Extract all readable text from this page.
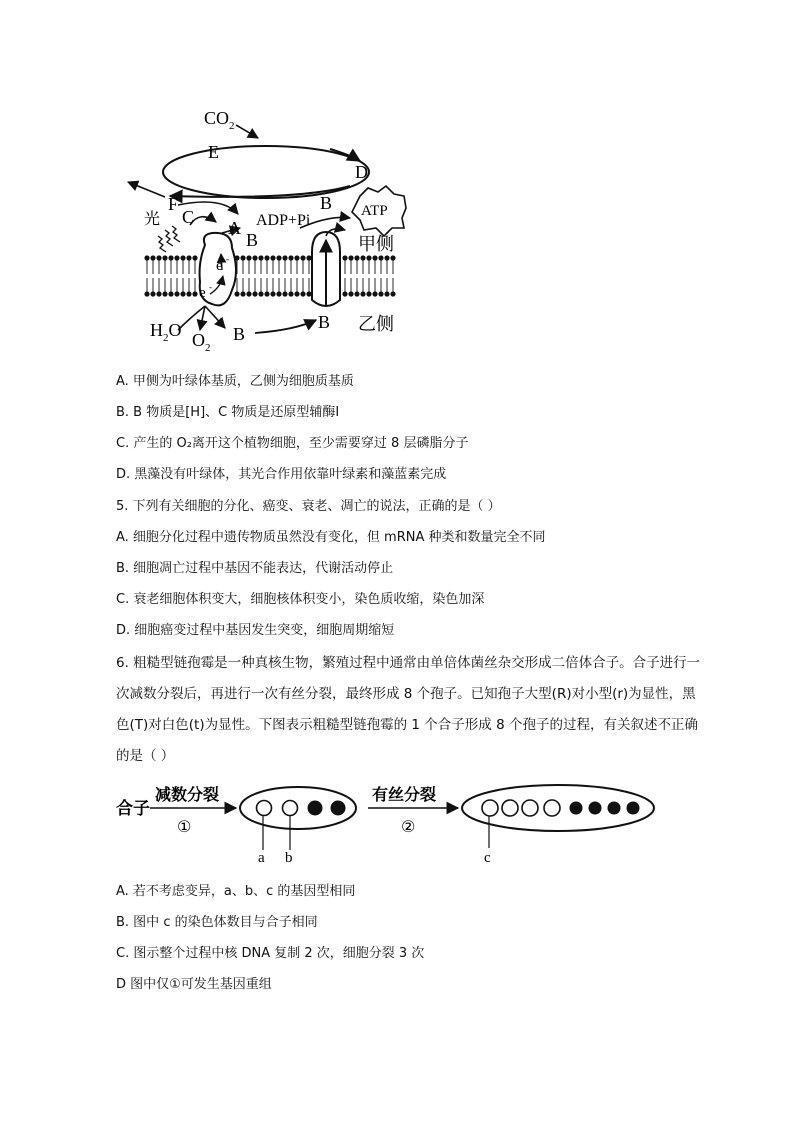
$CO_2$
E
D
F
C
A
B
ADP+Pi
B ATP
光
甲侧
乙侧
e
e -
-
$H_2O$ $O_2$
B
B
A. 甲侧为叶绿体基质，乙侧为细胞质基质
B. B 物质是[H]、C 物质是还原型辅酶Ⅰ
C. 产生的 O₂离开这个植物细胞，至少需要穿过 8 层磷脂分子
D. 黑藻没有叶绿体，其光合作用依靠叶绿素和藻蓝素完成
5. 下列有关细胞的分化、癌变、衰老、凋亡的说法，正确的是（ ）
A. 细胞分化过程中遗传物质虽然没有变化，但 mRNA 种类和数量完全不同
B. 细胞凋亡过程中基因不能表达，代谢活动停止
C. 衰老细胞体积变大，细胞核体积变小，染色质收缩，染色加深
D. 细胞癌变过程中基因发生突变，细胞周期缩短
6. 粗糙型链孢霉是一种真核生物，繁殖过程中通常由单倍体菌丝杂交形成二倍体合子。合子进行一次减数分裂后，再进行一次有丝分裂，最终形成 8 个孢子。已知孢子大型(R)对小型(r)为显性，黑色(T)对白色(t)为显性。下图表示粗糙型链孢霉的 1 个合子形成 8 个孢子的过程，有关叙述不正确的是（ ）
合子
减数分裂
①
a b
有丝分裂
②
c
A. 若不考虑变异，a、b、c 的基因型相同
B. 图中 c 的染色体数目与合子相同
C. 图示整个过程中核 DNA 复制 2 次，细胞分裂 3 次
D 图中仅①可发生基因重组
